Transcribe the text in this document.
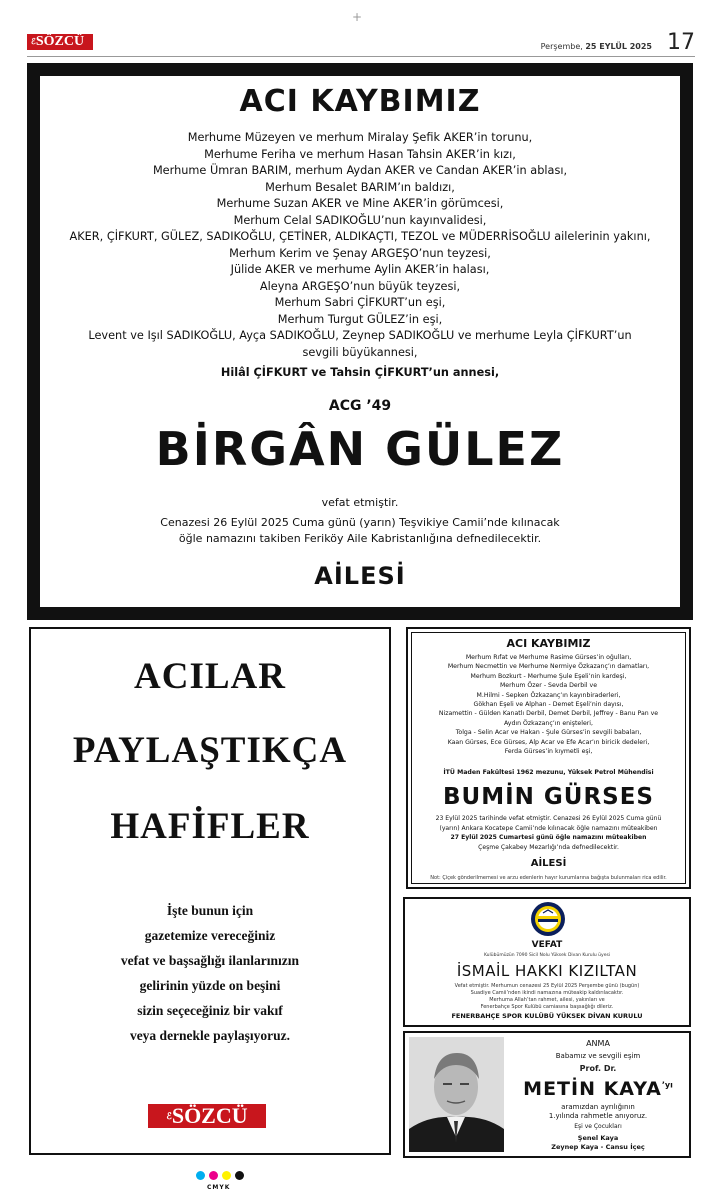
+
$^ℰ$SÖZCÜ	Perşembe, 25 EYLÜL 2025 17
ACI KAYBIMIZ
Merhume Müzeyen ve merhum Miralay Şefik AKER’in torunu,
Merhume Feriha ve merhum Hasan Tahsin AKER’in kızı,
Merhume Ümran BARIM, merhum Aydan AKER ve Candan AKER’in ablası,
Merhum Besalet BARIM’ın baldızı,
Merhume Suzan AKER ve Mine AKER’in görümcesi,
Merhum Celal SADIKOĞLU’nun kayınvalidesi,
AKER, ÇİFKURT, GÜLEZ, SADIKOĞLU, ÇETİNER, ALDIKAÇTI, TEZOL ve MÜDERRİSOĞLU ailelerinin yakını,
Merhum Kerim ve Şenay ARGEŞO’nun teyzesi,
Jülide AKER ve merhume Aylin AKER’in halası,
Aleyna ARGEŞO’nun büyük teyzesi,
Merhum Sabri ÇİFKURT’un eşi,
Merhum Turgut GÜLEZ’in eşi,
Levent ve Işıl SADIKOĞLU, Ayça SADIKOĞLU, Zeynep SADIKOĞLU ve merhume Leyla ÇİFKURT’un
sevgili büyükannesi,
Hilâl ÇİFKURT ve Tahsin ÇİFKURT’un annesi,
ACG ’49
BİRGÂN GÜLEZ
vefat etmiştir.
Cenazesi 26 Eylül 2025 Cuma günü (yarın) Teşvikiye Camii’nde kılınacak
öğle namazını takiben Feriköy Aile Kabristanlığına defnedilecektir.
AİLESİ
ACILAR
PAYLAŞTIKÇA
HAFİFLER
İşte bunun için
gazetemize vereceğiniz
vefat ve başsağlığı ilanlarınızın
gelirinin yüzde on beşini
sizin seçeceğiniz bir vakıf
veya dernekle paylaşıyoruz.
$^ℰ$SÖZCÜ
CMYK
ACI KAYBIMIZ
Merhum Rıfat ve Merhume Rasime Gürses’in oğulları,
Merhum Necmettin ve Merhume Nermiye Özkazanç’ın damatları,
Merhum Bozkurt - Merhume Şule Eşeli’nin kardeşi,
Merhum Özer - Sevda Derbil ve
M.Hilmi - Sepken Özkazanç’ın kayınbiraderleri,
Gökhan Eşeli ve Alphan - Demet Eşeli’nin dayısı,
Nizamettin - Gülden Kanatlı Derbil, Demet Derbil, Jeffrey - Banu Pan ve
Aydın Özkazanç’ın enişteleri,
Tolga - Selin Acar ve Hakan - Şule Gürses’in sevgili babaları,
Kaan Gürses, Ece Gürses, Alp Acar ve Efe Acar’ın biricik dedeleri,
Ferda Gürses’in kıymetli eşi,
İTÜ Maden Fakültesi 1962 mezunu, Yüksek Petrol Mühendisi
BUMİN GÜRSES
23 Eylül 2025 tarihinde vefat etmiştir. Cenazesi 26 Eylül 2025 Cuma günü
(yarın) Ankara Kocatepe Camii’nde kılınacak öğle namazını müteakiben
27 Eylül 2025 Cumartesi günü öğle namazını müteakiben
Çeşme Çakabey Mezarlığı’nda defnedilecektir.
AİLESİ
Not: Çiçek gönderilmemesi ve arzu edenlerin hayır kurumlarına bağışta bulunmaları rica edilir.
VEFAT
Kulübümüzün 7090 Sicil Nolu Yüksek Divan Kurulu üyesi
İSMAİL HAKKI KIZILTAN
Vefat etmiştir. Merhumun cenazesi 25 Eylül 2025 Perşembe günü (bugün)
Suadiye Camii’nden ikindi namazına müteakip kaldırılacaktır.
Merhuma Allah’tan rahmet, ailesi, yakınları ve
Fenerbahçe Spor Kulübü camiasına başsağlığı dileriz.
FENERBAHÇE SPOR KULÜBÜ YÜKSEK DİVAN KURULU
ANMA
Babamız ve sevgili eşim
Prof. Dr.
METİN $KAYA^{’yı}$
aramızdan ayrılığının
1.yılında rahmetle anıyoruz.
Eşi ve Çocukları
Şenel Kaya
Zeynep Kaya - Cansu İçeç
